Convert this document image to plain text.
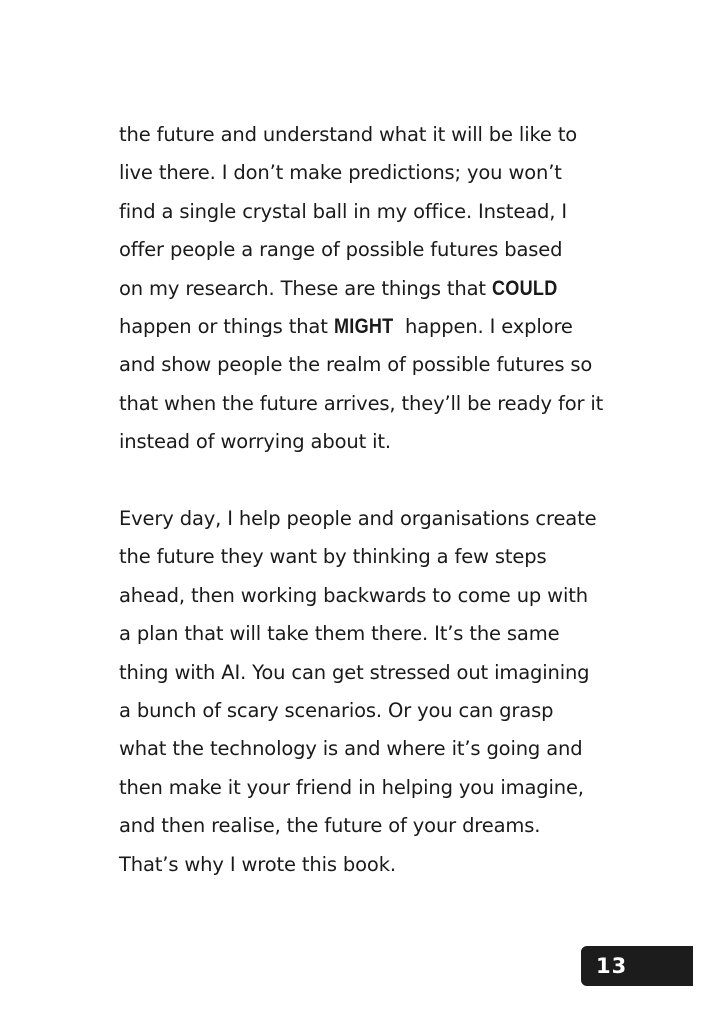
the future and understand what it will be like to
live there. I don’t make predictions; you won’t
find a single crystal ball in my office. Instead, I
offer people a range of possible futures based
on my research. These are things that COULD
happen or things that MIGHT happen. I explore
and show people the realm of possible futures so
that when the future arrives, they’ll be ready for it
instead of worrying about it.
Every day, I help people and organisations create
the future they want by thinking a few steps
ahead, then working backwards to come up with
a plan that will take them there. It’s the same
thing with AI. You can get stressed out imagining
a bunch of scary scenarios. Or you can grasp
what the technology is and where it’s going and
then make it your friend in helping you imagine,
and then realise, the future of your dreams.
That’s why I wrote this book.
13
